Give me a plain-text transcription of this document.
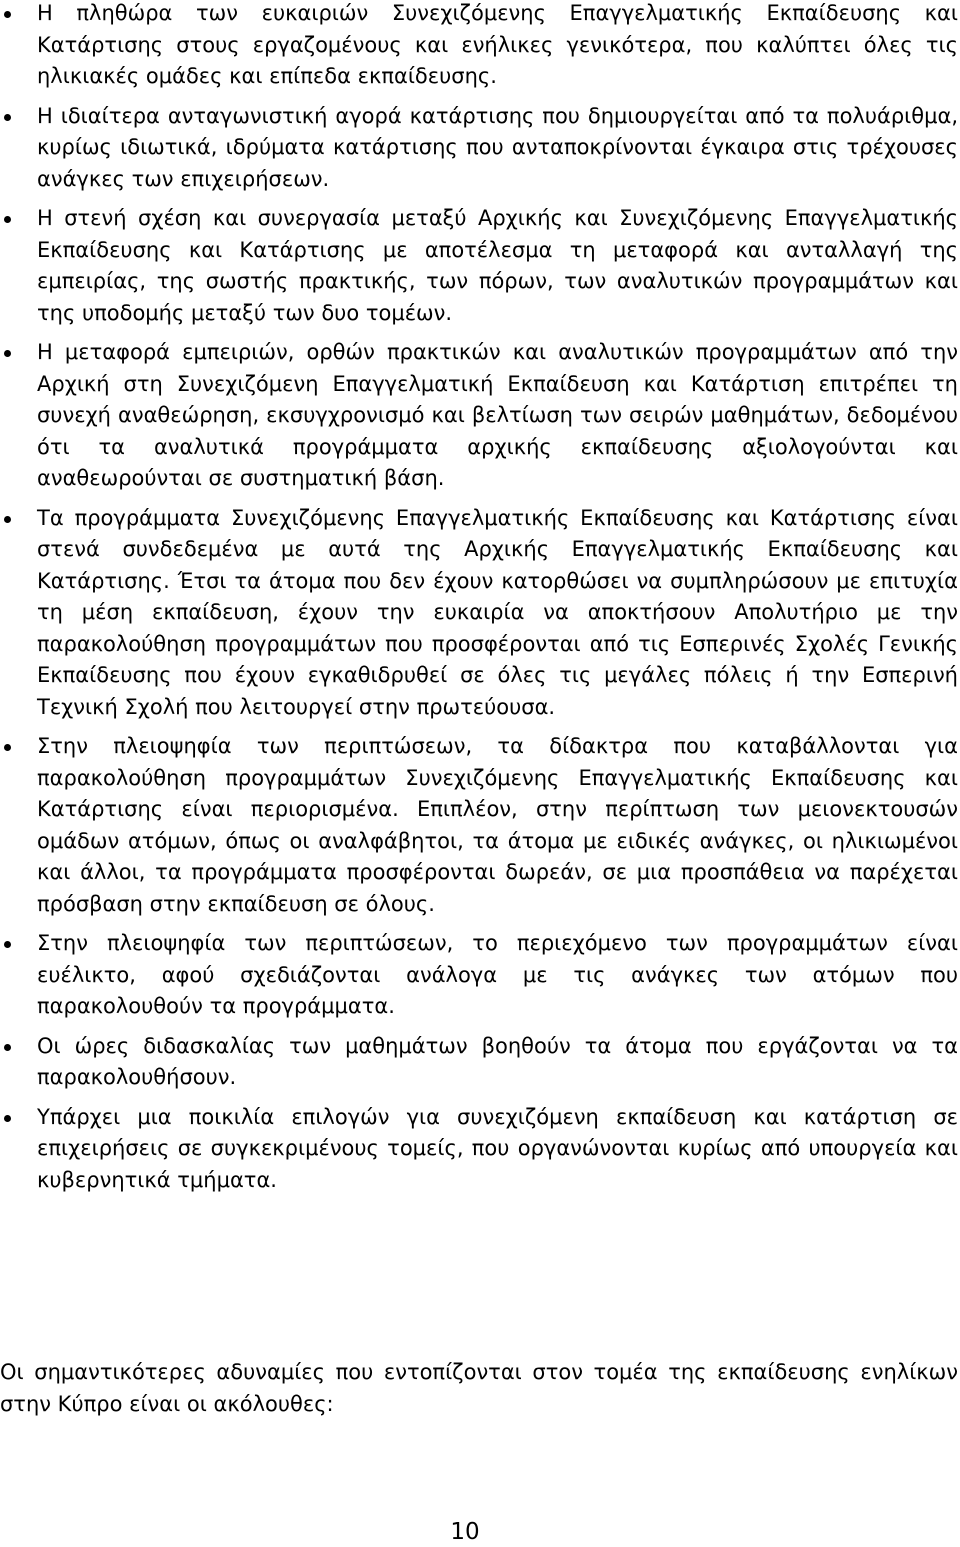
Η πληθώρα των ευκαιριών Συνεχιζόμενης Επαγγελματικής Εκπαίδευσης και Κατάρτισης στους εργαζομένους και ενήλικες γενικότερα, που καλύπτει όλες τις ηλικιακές ομάδες και επίπεδα εκπαίδευσης.
Η ιδιαίτερα ανταγωνιστική αγορά κατάρτισης που δημιουργείται από τα πολυάριθμα, κυρίως ιδιωτικά, ιδρύματα κατάρτισης που ανταποκρίνονται έγκαιρα στις τρέχουσες ανάγκες των επιχειρήσεων.
Η στενή σχέση και συνεργασία μεταξύ Αρχικής και Συνεχιζόμενης Επαγγελματικής Εκπαίδευσης και Κατάρτισης με αποτέλεσμα τη μεταφορά και ανταλλαγή της εμπειρίας, της σωστής πρακτικής, των πόρων, των αναλυτικών προγραμμάτων και της υποδομής μεταξύ των δυο τομέων.
Η μεταφορά εμπειριών, ορθών πρακτικών και αναλυτικών προγραμμάτων από την Αρχική στη Συνεχιζόμενη Επαγγελματική Εκπαίδευση και Κατάρτιση επιτρέπει τη συνεχή αναθεώρηση, εκσυγχρονισμό και βελτίωση των σειρών μαθημάτων, δεδομένου ότι τα αναλυτικά προγράμματα αρχικής εκπαίδευσης αξιολογούνται και αναθεωρούνται σε συστηματική βάση.
Τα προγράμματα Συνεχιζόμενης Επαγγελματικής Εκπαίδευσης και Κατάρτισης είναι στενά συνδεδεμένα με αυτά της Αρχικής Επαγγελματικής Εκπαίδευσης και Κατάρτισης. Έτσι τα άτομα που δεν έχουν κατορθώσει να συμπληρώσουν με επιτυχία τη μέση εκπαίδευση, έχουν την ευκαιρία να αποκτήσουν Απολυτήριο με την παρακολούθηση προγραμμάτων που προσφέρονται από τις Εσπερινές Σχολές Γενικής Εκπαίδευσης που έχουν εγκαθιδρυθεί σε όλες τις μεγάλες πόλεις ή την Εσπερινή Τεχνική Σχολή που λειτουργεί στην πρωτεύουσα.
Στην πλειοψηφία των περιπτώσεων, τα δίδακτρα που καταβάλλονται για παρακολούθηση προγραμμάτων Συνεχιζόμενης Επαγγελματικής Εκπαίδευσης και Κατάρτισης είναι περιορισμένα. Επιπλέον, στην περίπτωση των μειονεκτουσών ομάδων ατόμων, όπως οι αναλφάβητοι, τα άτομα με ειδικές ανάγκες, οι ηλικιωμένοι και άλλοι, τα προγράμματα προσφέρονται δωρεάν, σε μια προσπάθεια να παρέχεται πρόσβαση στην εκπαίδευση σε όλους.
Στην πλειοψηφία των περιπτώσεων, το περιεχόμενο των προγραμμάτων είναι ευέλικτο, αφού σχεδιάζονται ανάλογα με τις ανάγκες των ατόμων που παρακολουθούν τα προγράμματα.
Οι ώρες διδασκαλίας των μαθημάτων βοηθούν τα άτομα που εργάζονται να τα παρακολουθήσουν.
Υπάρχει μια ποικιλία επιλογών για συνεχιζόμενη εκπαίδευση και κατάρτιση σε επιχειρήσεις σε συγκεκριμένους τομείς, που οργανώνονται κυρίως από υπουργεία και κυβερνητικά τμήματα.

Οι σημαντικότερες αδυναμίες που εντοπίζονται στον τομέα της εκπαίδευσης ενηλίκων στην Κύπρο είναι οι ακόλουθες:

10
